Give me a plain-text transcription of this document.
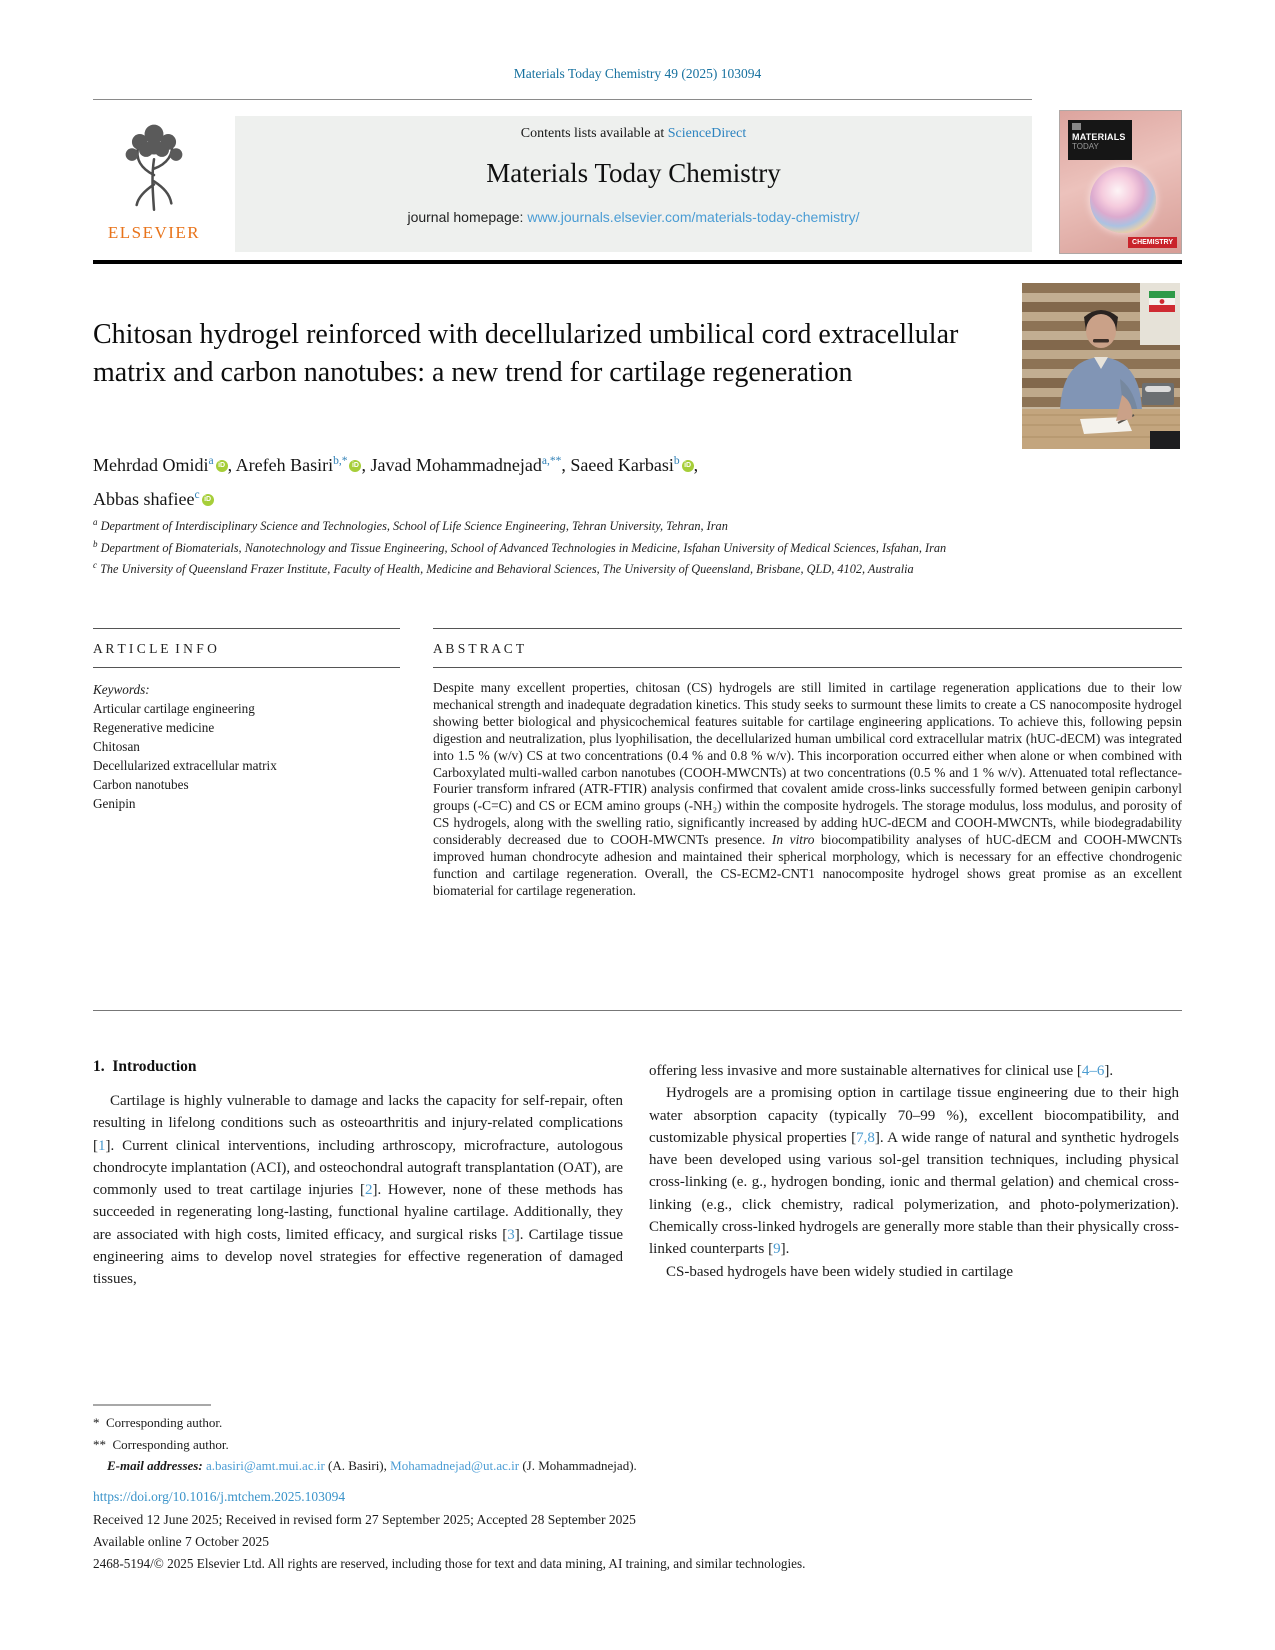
Materials Today Chemistry 49 (2025) 103094
ELSEVIER
Contents lists available at ScienceDirect
Materials Today Chemistry
journal homepage: www.journals.elsevier.com/materials-today-chemistry/
MATERIALS
TODAY
CHEMISTRY
Chitosan hydrogel reinforced with decellularized umbilical cord extracellular matrix and carbon nanotubes: a new trend for cartilage regeneration
Mehrdad Omidi$^a$ iD , Arefeh Basiri$^{b,*}$ iD , Javad Mohammadnejad$^{a,**}$, Saeed Karbasi$^b$ iD ,
Abbas shafiee$^c$ iD
$^a$ Department of Interdisciplinary Science and Technologies, School of Life Science Engineering, Tehran University, Tehran, Iran
$^b$ Department of Biomaterials, Nanotechnology and Tissue Engineering, School of Advanced Technologies in Medicine, Isfahan University of Medical Sciences, Isfahan, Iran
$^c$ The University of Queensland Frazer Institute, Faculty of Health, Medicine and Behavioral Sciences, The University of Queensland, Brisbane, QLD, 4102, Australia
A R T I C L E  I N F O
Keywords:
Articular cartilage engineering
Regenerative medicine
Chitosan
Decellularized extracellular matrix
Carbon nanotubes
Genipin
A B S T R A C T
Despite many excellent properties, chitosan (CS) hydrogels are still limited in cartilage regeneration applications due to their low mechanical strength and inadequate degradation kinetics. This study seeks to surmount these limits to create a CS nanocomposite hydrogel showing better biological and physicochemical features suitable for cartilage engineering applications. To achieve this, following pepsin digestion and neutralization, plus lyophilisation, the decellularized human umbilical cord extracellular matrix (hUC-dECM) was integrated into 1.5 % (w/v) CS at two concentrations (0.4 % and 0.8 % w/v). This incorporation occurred either when alone or when combined with Carboxylated multi-walled carbon nanotubes (COOH-MWCNTs) at two concentrations (0.5 % and 1 % w/v). Attenuated total reflectance-Fourier transform infrared (ATR-FTIR) analysis confirmed that covalent amide cross-links successfully formed between genipin carbonyl groups (-C=C) and CS or ECM amino groups (-NH₂) within the composite hydrogels. The storage modulus, loss modulus, and porosity of CS hydrogels, along with the swelling ratio, significantly increased by adding hUC-dECM and COOH-MWCNTs, while biodegradability considerably decreased due to COOH-MWCNTs presence. In vitro biocompatibility analyses of hUC-dECM and COOH-MWCNTs improved human chondrocyte adhesion and maintained their spherical morphology, which is necessary for an effective chondrogenic function and cartilage regeneration. Overall, the CS-ECM2-CNT1 nanocomposite hydrogel shows great promise as an excellent biomaterial for cartilage regeneration.
1.  Introduction

Cartilage is highly vulnerable to damage and lacks the capacity for self-repair, often resulting in lifelong conditions such as osteoarthritis and injury-related complications [1]. Current clinical interventions, including arthroscopy, microfracture, autologous chondrocyte implantation (ACI), and osteochondral autograft transplantation (OAT), are commonly used to treat cartilage injuries [2]. However, none of these methods has succeeded in regenerating long-lasting, functional hyaline cartilage. Additionally, they are associated with high costs, limited efficacy, and surgical risks [3]. Cartilage tissue engineering aims to develop novel strategies for effective regeneration of damaged tissues,

offering less invasive and more sustainable alternatives for clinical use [4–6].

Hydrogels are a promising option in cartilage tissue engineering due to their high water absorption capacity (typically 70–99 %), excellent biocompatibility, and customizable physical properties [7,8]. A wide range of natural and synthetic hydrogels have been developed using various sol-gel transition techniques, including physical cross-linking (e. g., hydrogen bonding, ionic and thermal gelation) and chemical cross-linking (e.g., click chemistry, radical polymerization, and photo-polymerization). Chemically cross-linked hydrogels are generally more stable than their physically cross-linked counterparts [9].

CS-based hydrogels have been widely studied in cartilage

*  Corresponding author.
**  Corresponding author.
E-mail addresses: a.basiri@amt.mui.ac.ir (A. Basiri), Mohamadnejad@ut.ac.ir (J. Mohammadnejad).
https://doi.org/10.1016/j.mtchem.2025.103094
Received 12 June 2025; Received in revised form 27 September 2025; Accepted 28 September 2025
Available online 7 October 2025
2468-5194/© 2025 Elsevier Ltd. All rights are reserved, including those for text and data mining, AI training, and similar technologies.
